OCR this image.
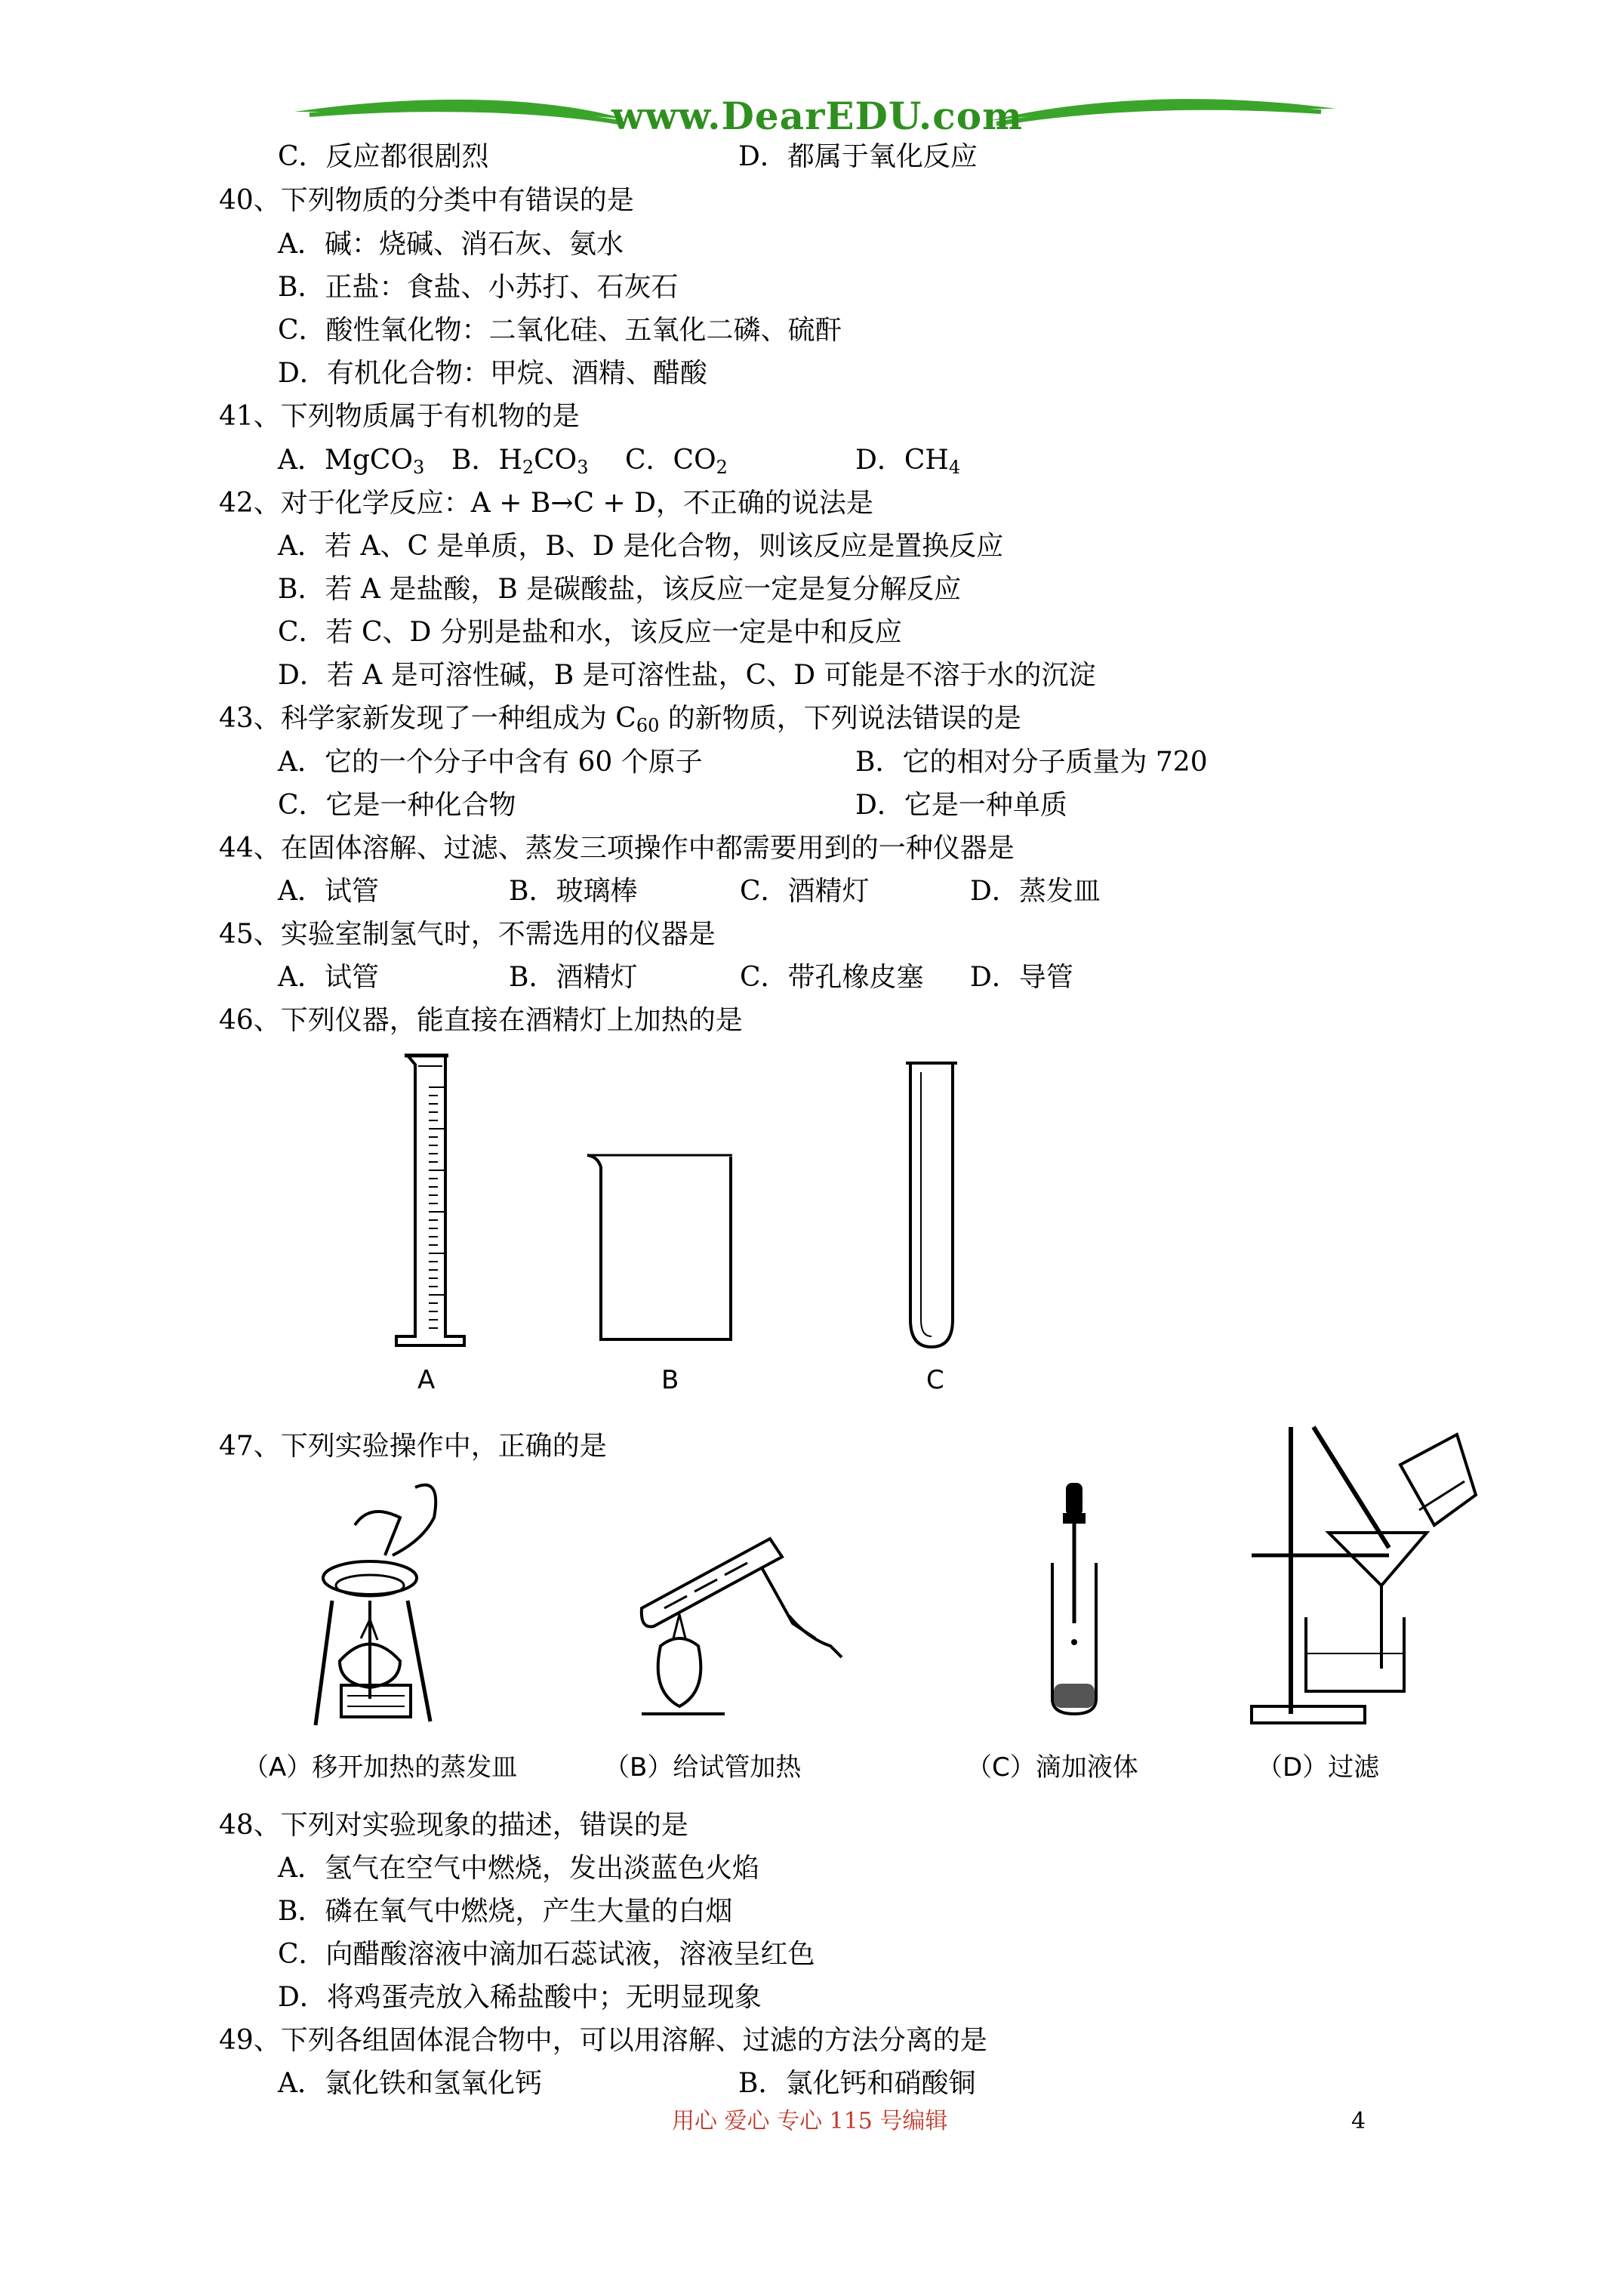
www.DearEDU.com
C．反应都很剧烈	D．都属于氧化反应
40、下列物质的分类中有错误的是
A．碱：烧碱、消石灰、氨水
B．正盐：食盐、小苏打、石灰石
C．酸性氧化物：二氧化硅、五氧化二磷、硫酐
D．有机化合物：甲烷、酒精、醋酸
41、下列物质属于有机物的是
A．MgCO$_3$ B．$H_2CO_3$ C．$CO_2$	D．$CH_4$
42、对于化学反应：A + B→C + D，不正确的说法是
A．若 A、C 是单质，B、D 是化合物，则该反应是置换反应
B．若 A 是盐酸，B 是碳酸盐，该反应一定是复分解反应
C．若 C、D 分别是盐和水，该反应一定是中和反应
D．若 A 是可溶性碱，B 是可溶性盐，C、D 可能是不溶于水的沉淀
43、科学家新发现了一种组成为 $C_{60}$ 的新物质，下列说法错误的是
A．它的一个分子中含有 60 个原子	B．它的相对分子质量为 720
C．它是一种化合物	D．它是一种单质
44、在固体溶解、过滤、蒸发三项操作中都需要用到的一种仪器是
A．试管	B．玻璃棒	C．酒精灯	D．蒸发皿
45、实验室制氢气时，不需选用的仪器是
A．试管	B．酒精灯	C．带孔橡皮塞 D．导管
46、下列仪器，能直接在酒精灯上加热的是
A	B	C
47、下列实验操作中，正确的是
（A）移开加热的蒸发皿	（B）给试管加热	（C）滴加液体	（D）过滤
48、下列对实验现象的描述，错误的是
A．氢气在空气中燃烧，发出淡蓝色火焰
B．磷在氧气中燃烧，产生大量的白烟
C．向醋酸溶液中滴加石蕊试液，溶液呈红色
D．将鸡蛋壳放入稀盐酸中；无明显现象
49、下列各组固体混合物中，可以用溶解、过滤的方法分离的是
A．氯化铁和氢氧化钙	B．氯化钙和硝酸铜
用心 爱心 专心 115 号编辑	4
